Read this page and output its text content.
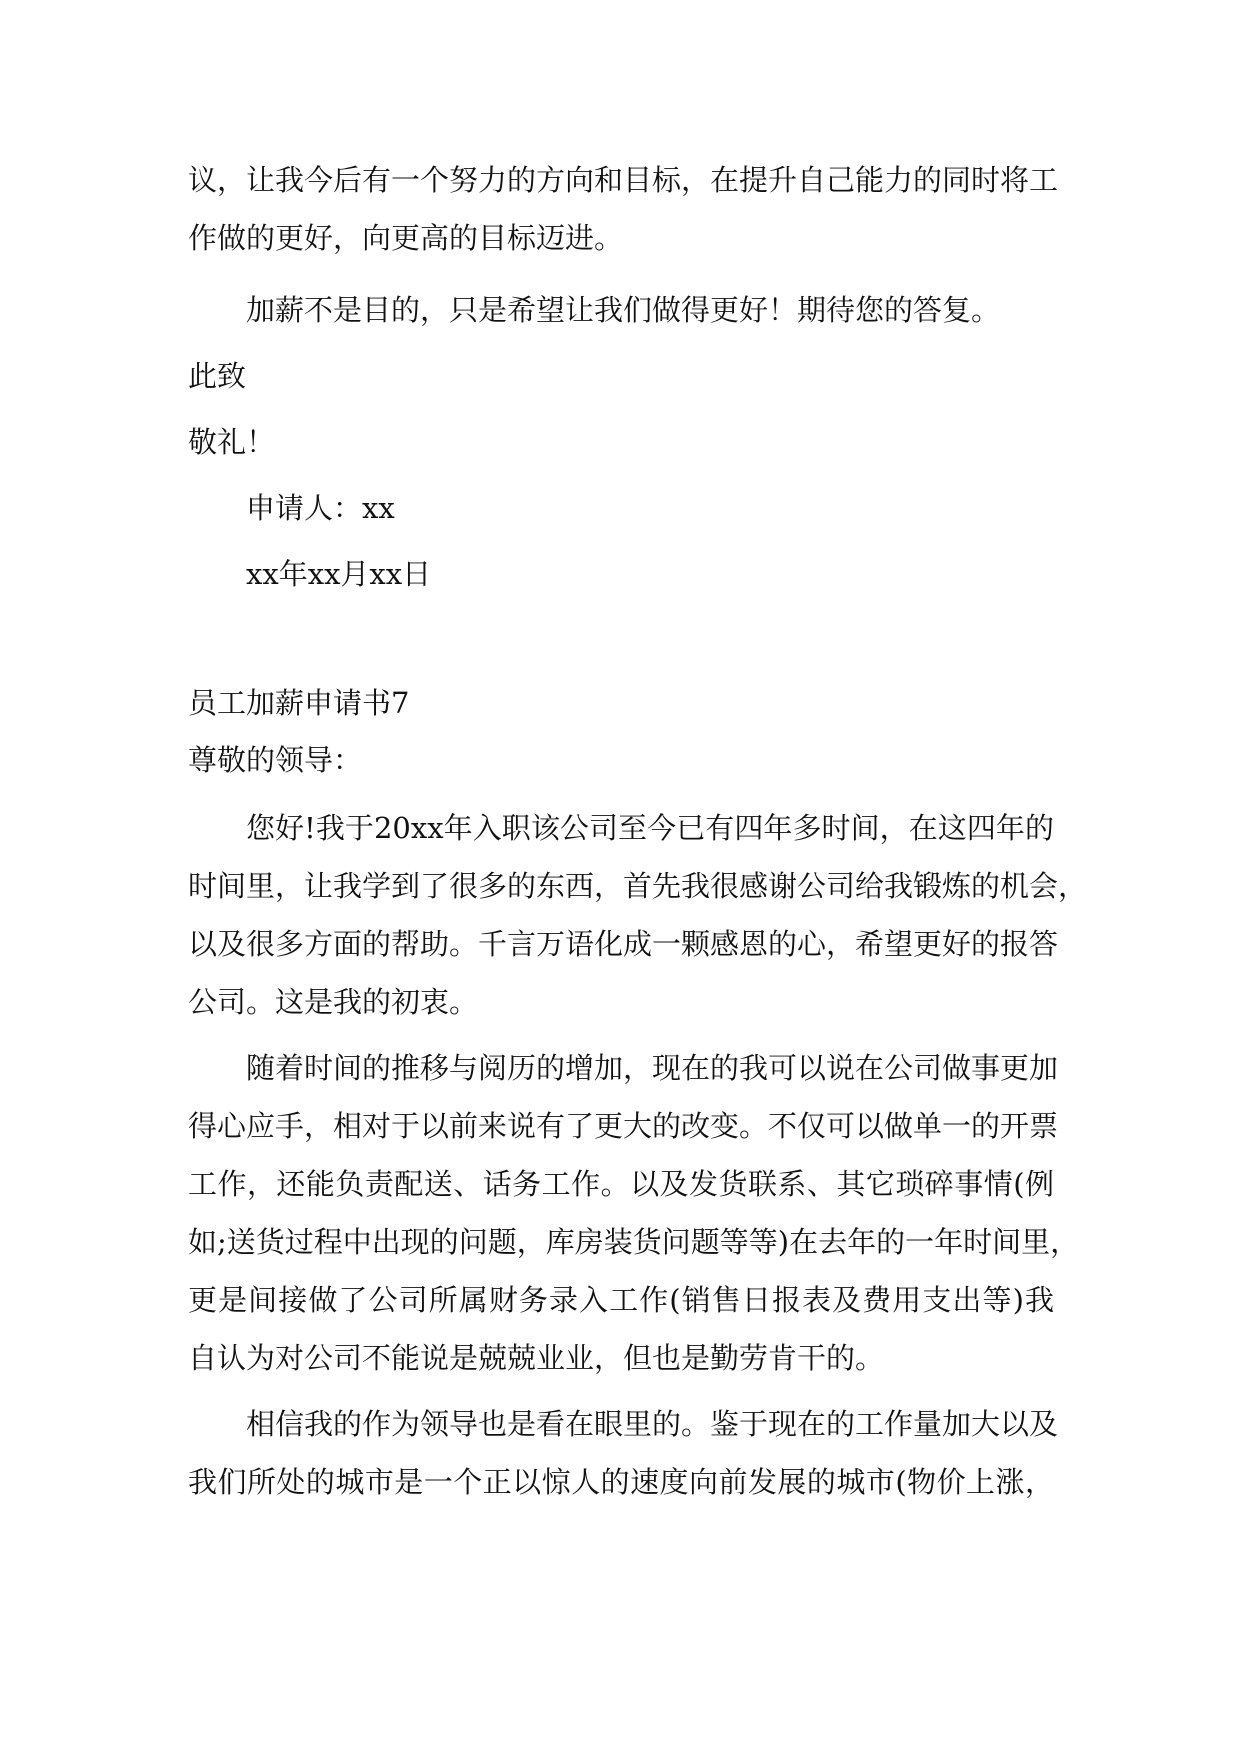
议，让我今后有一个努力的方向和目标，在提升自己能力的同时将工
作做的更好，向更高的目标迈进。
加薪不是目的，只是希望让我们做得更好！期待您的答复。
此致
敬礼！
申请人：xx
xx年xx月xx日
员工加薪申请书7
尊敬的领导：
您好!我于20xx年入职该公司至今已有四年多时间，在这四年的
时间里，让我学到了很多的东西，首先我很感谢公司给我锻炼的机会，
以及很多方面的帮助。千言万语化成一颗感恩的心，希望更好的报答
公司。这是我的初衷。
随着时间的推移与阅历的增加，现在的我可以说在公司做事更加
得心应手，相对于以前来说有了更大的改变。不仅可以做单一的开票
工作，还能负责配送、话务工作。以及发货联系、其它琐碎事情(例
如;送货过程中出现的问题，库房装货问题等等)在去年的一年时间里，
更是间接做了公司所属财务录入工作(销售日报表及费用支出等)我
自认为对公司不能说是兢兢业业，但也是勤劳肯干的。
相信我的作为领导也是看在眼里的。鉴于现在的工作量加大以及
我们所处的城市是一个正以惊人的速度向前发展的城市(物价上涨，
